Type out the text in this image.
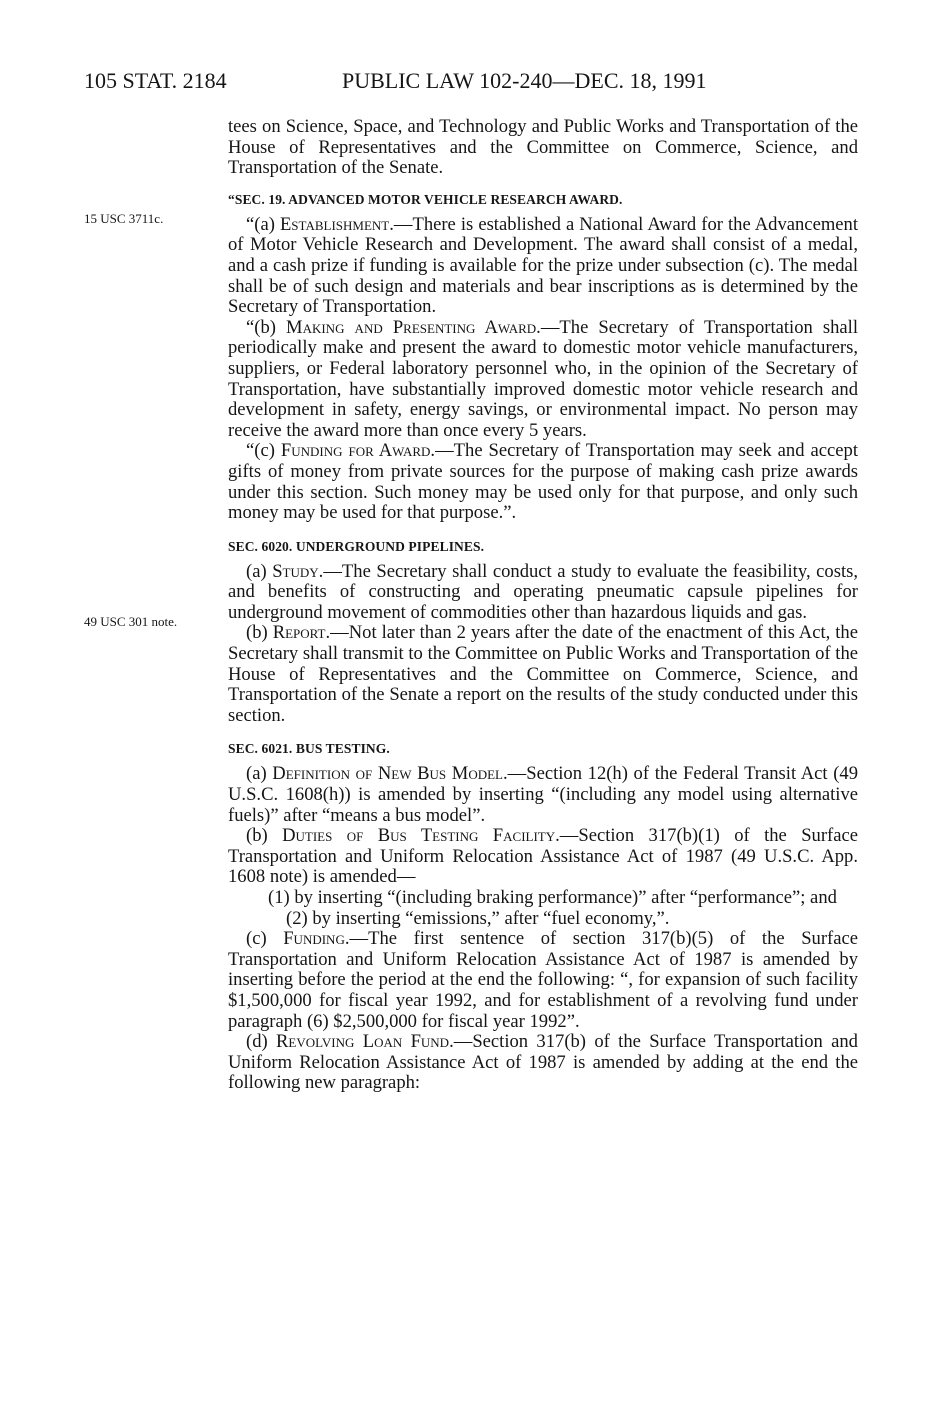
105 STAT. 2184	PUBLIC LAW 102-240—DEC. 18, 1991
15 USC 3711c.
49 USC 301 note.

tees on Science, Space, and Technology and Public Works and Transportation of the House of Representatives and the Committee on Commerce, Science, and Transportation of the Senate.

“SEC. 19. ADVANCED MOTOR VEHICLE RESEARCH AWARD.

“(a) Establishment.—There is established a National Award for the Advancement of Motor Vehicle Research and Development. The award shall consist of a medal, and a cash prize if funding is available for the prize under subsection (c). The medal shall be of such design and materials and bear inscriptions as is determined by the Secretary of Transportation.

“(b) Making and Presenting Award.—The Secretary of Transportation shall periodically make and present the award to domestic motor vehicle manufacturers, suppliers, or Federal laboratory personnel who, in the opinion of the Secretary of Transportation, have substantially improved domestic motor vehicle research and development in safety, energy savings, or environmental impact. No person may receive the award more than once every 5 years.

“(c) Funding for Award.—The Secretary of Transportation may seek and accept gifts of money from private sources for the purpose of making cash prize awards under this section. Such money may be used only for that purpose, and only such money may be used for that purpose.”.

SEC. 6020. UNDERGROUND PIPELINES.

(a) Study.—The Secretary shall conduct a study to evaluate the feasibility, costs, and benefits of constructing and operating pneumatic capsule pipelines for underground movement of commodities other than hazardous liquids and gas.

(b) Report.—Not later than 2 years after the date of the enactment of this Act, the Secretary shall transmit to the Committee on Public Works and Transportation of the House of Representatives and the Committee on Commerce, Science, and Transportation of the Senate a report on the results of the study conducted under this section.

SEC. 6021. BUS TESTING.

(a) Definition of New Bus Model.—Section 12(h) of the Federal Transit Act (49 U.S.C. 1608(h)) is amended by inserting “(including any model using alternative fuels)” after “means a bus model”.

(b) Duties of Bus Testing Facility.—Section 317(b)(1) of the Surface Transportation and Uniform Relocation Assistance Act of 1987 (49 U.S.C. App. 1608 note) is amended—

(1) by inserting “(including braking performance)” after “performance”; and

(2) by inserting “emissions,” after “fuel economy,”.

(c) Funding.—The first sentence of section 317(b)(5) of the Surface Transportation and Uniform Relocation Assistance Act of 1987 is amended by inserting before the period at the end the following: “, for expansion of such facility $1,500,000 for fiscal year 1992, and for establishment of a revolving fund under paragraph (6) $2,500,000 for fiscal year 1992”.

(d) Revolving Loan Fund.—Section 317(b) of the Surface Transportation and Uniform Relocation Assistance Act of 1987 is amended by adding at the end the following new paragraph:
